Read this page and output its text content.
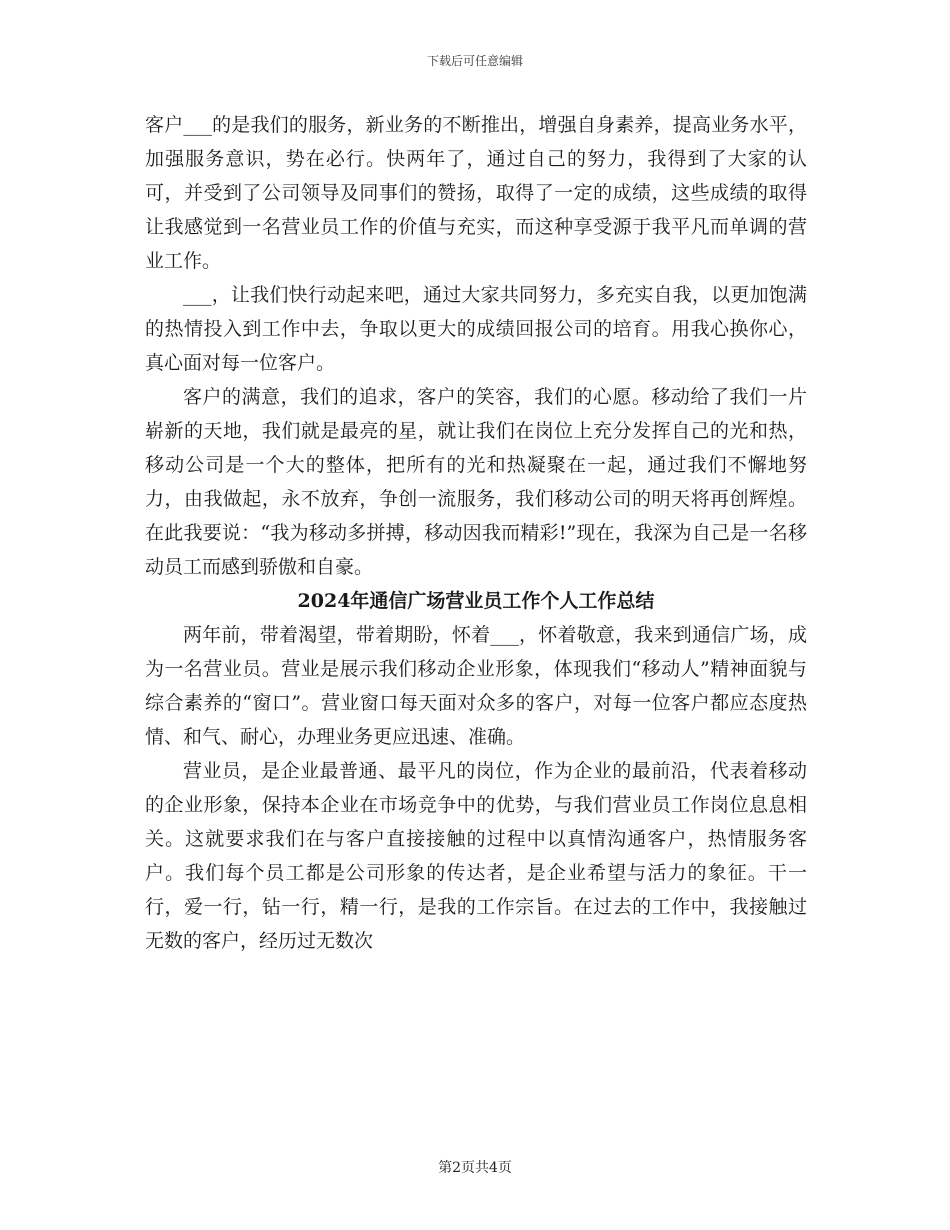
下载后可任意编辑

客户___的是我们的服务，新业务的不断推出，增强自身素养，提高业务水平，加强服务意识，势在必行。快两年了，通过自己的努力，我得到了大家的认可，并受到了公司领导及同事们的赞扬，取得了一定的成绩，这些成绩的取得让我感觉到一名营业员工作的价值与充实，而这种享受源于我平凡而单调的营业工作。

___，让我们快行动起来吧，通过大家共同努力，多充实自我，以更加饱满的热情投入到工作中去，争取以更大的成绩回报公司的培育。用我心换你心，真心面对每一位客户。

客户的满意，我们的追求，客户的笑容，我们的心愿。移动给了我们一片崭新的天地，我们就是最亮的星，就让我们在岗位上充分发挥自己的光和热，移动公司是一个大的整体，把所有的光和热凝聚在一起，通过我们不懈地努力，由我做起，永不放弃，争创一流服务，我们移动公司的明天将再创辉煌。在此我要说：“我为移动多拼搏，移动因我而精彩!”现在，我深为自己是一名移动员工而感到骄傲和自豪。

2024年通信广场营业员工作个人工作总结

两年前，带着渴望，带着期盼，怀着___，怀着敬意，我来到通信广场，成为一名营业员。营业是展示我们移动企业形象，体现我们“移动人”精神面貌与综合素养的“窗口”。营业窗口每天面对众多的客户，对每一位客户都应态度热情、和气、耐心，办理业务更应迅速、准确。

营业员，是企业最普通、最平凡的岗位，作为企业的最前沿，代表着移动的企业形象，保持本企业在市场竞争中的优势，与我们营业员工作岗位息息相关。这就要求我们在与客户直接接触的过程中以真情沟通客户，热情服务客户。我们每个员工都是公司形象的传达者，是企业希望与活力的象征。干一行，爱一行，钻一行，精一行，是我的工作宗旨。在过去的工作中，我接触过无数的客户，经历过无数次

第2页共4页
